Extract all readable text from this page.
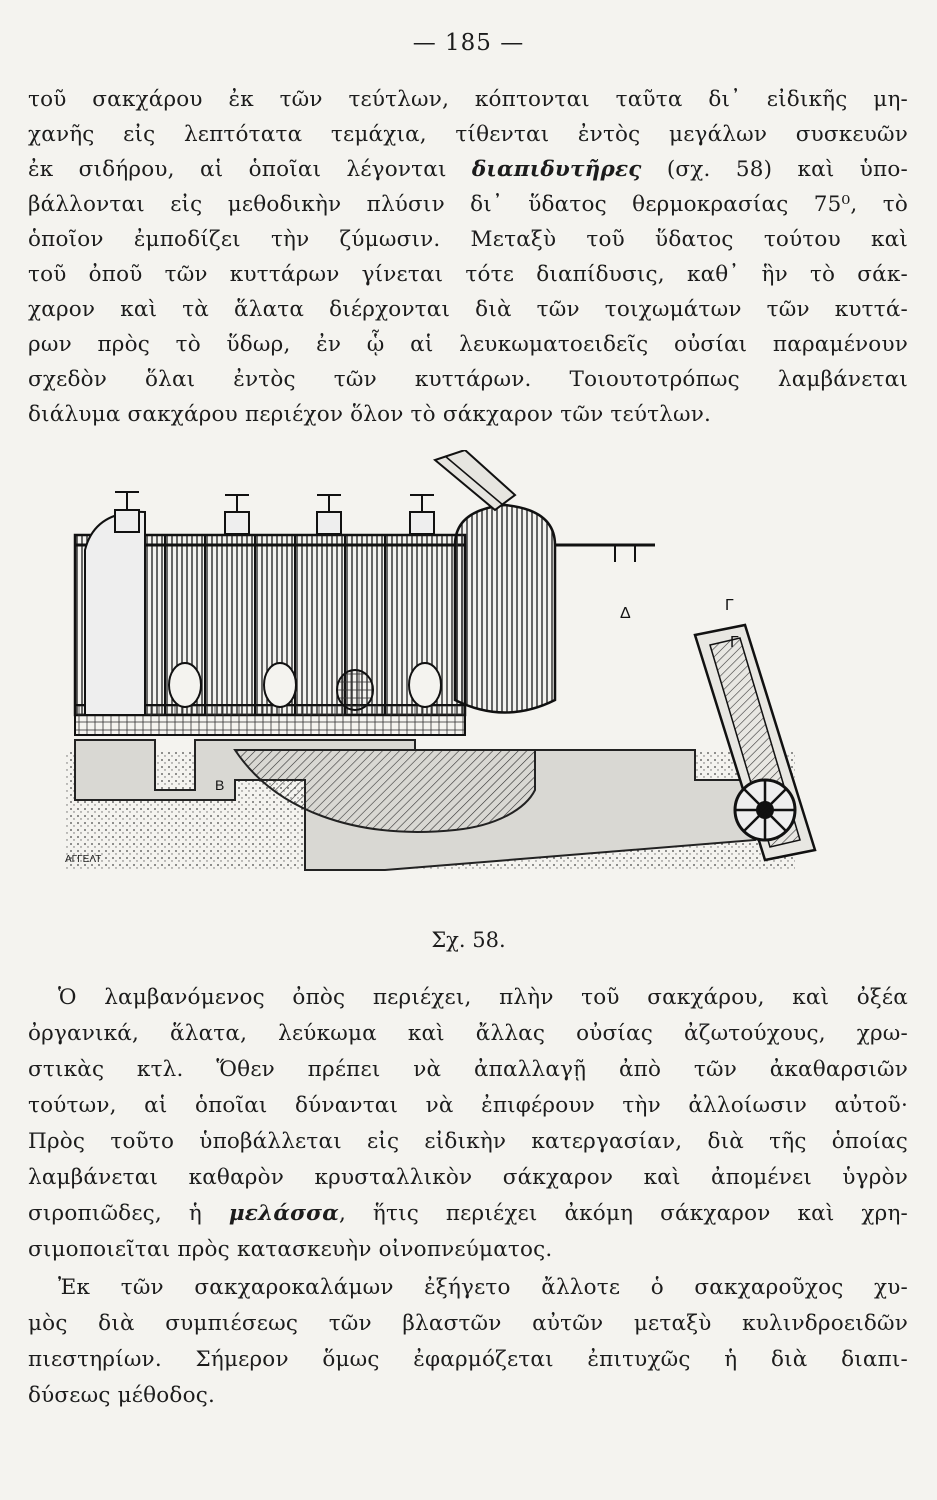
— 185 —
τοῦ σακχάρου ἐκ τῶν τεύτλων, κόπτονται ταῦτα δι᾿ εἰδικῆς μη-
χανῆς εἰς λεπτότατα τεμάχια, τίθενται ἐντὸς μεγάλων συσκευῶν
ἐκ σιδήρου, αἱ ὁποῖαι λέγονται διαπιδυτῆρες (σχ. 58) καὶ ὑπο-
βάλλονται εἰς μεθοδικὴν πλύσιν δι᾿ ὕδατος θερμοκρασίας 75⁰, τὸ
ὁποῖον ἐμποδίζει τὴν ζύμωσιν. Μεταξὺ τοῦ ὕδατος τούτου καὶ
τοῦ ὀποῦ τῶν κυττάρων γίνεται τότε διαπίδυσις, καθ᾿ ἣν τὸ σάκ-
χαρον καὶ τὰ ἅλατα διέρχονται διὰ τῶν τοιχωμάτων τῶν κυττά-
ρων πρὸς τὸ ὕδωρ, ἐν ᾧ αἱ λευκωματοειδεῖς οὐσίαι παραμένουν
σχεδὸν ὅλαι ἐντὸς τῶν κυττάρων. Τοιουτοτρόπως λαμβάνεται
διάλυμα σακχάρου περιέχον ὅλον τὸ σάκχαρον τῶν τεύτλων.
Δ	Γ
Γ
B
ΑΓΓΕΛΤ
Σχ. 58.
Ὁ λαμβανόμενος ὀπὸς περιέχει, πλὴν τοῦ σακχάρου, καὶ ὀξέα
ὀργανικά, ἅλατα, λεύκωμα καὶ ἄλλας οὐσίας ἀζωτούχους, χρω-
στικὰς κτλ. Ὅθεν πρέπει νὰ ἀπαλλαγῇ ἀπὸ τῶν ἀκαθαρσιῶν
τούτων, αἱ ὁποῖαι δύνανται νὰ ἐπιφέρουν τὴν ἀλλοίωσιν αὐτοῦ·
Πρὸς τοῦτο ὑποβάλλεται εἰς εἰδικὴν κατεργασίαν, διὰ τῆς ὁποίας
λαμβάνεται καθαρὸν κρυσταλλικὸν σάκχαρον καὶ ἀπομένει ὑγρὸν
σιροπιῶδες, ἡ μελάσσα, ἥτις περιέχει ἀκόμη σάκχαρον καὶ χρη-
σιμοποιεῖται πρὸς κατασκευὴν οἰνοπνεύματος.
Ἐκ τῶν σακχαροκαλάμων ἐξήγετο ἄλλοτε ὁ σακχαροῦχος χυ-
μὸς διὰ συμπιέσεως τῶν βλαστῶν αὐτῶν μεταξὺ κυλινδροειδῶν
πιεστηρίων. Σήμερον ὅμως ἐφαρμόζεται ἐπιτυχῶς ἡ διὰ διαπι-
δύσεως μέθοδος.
